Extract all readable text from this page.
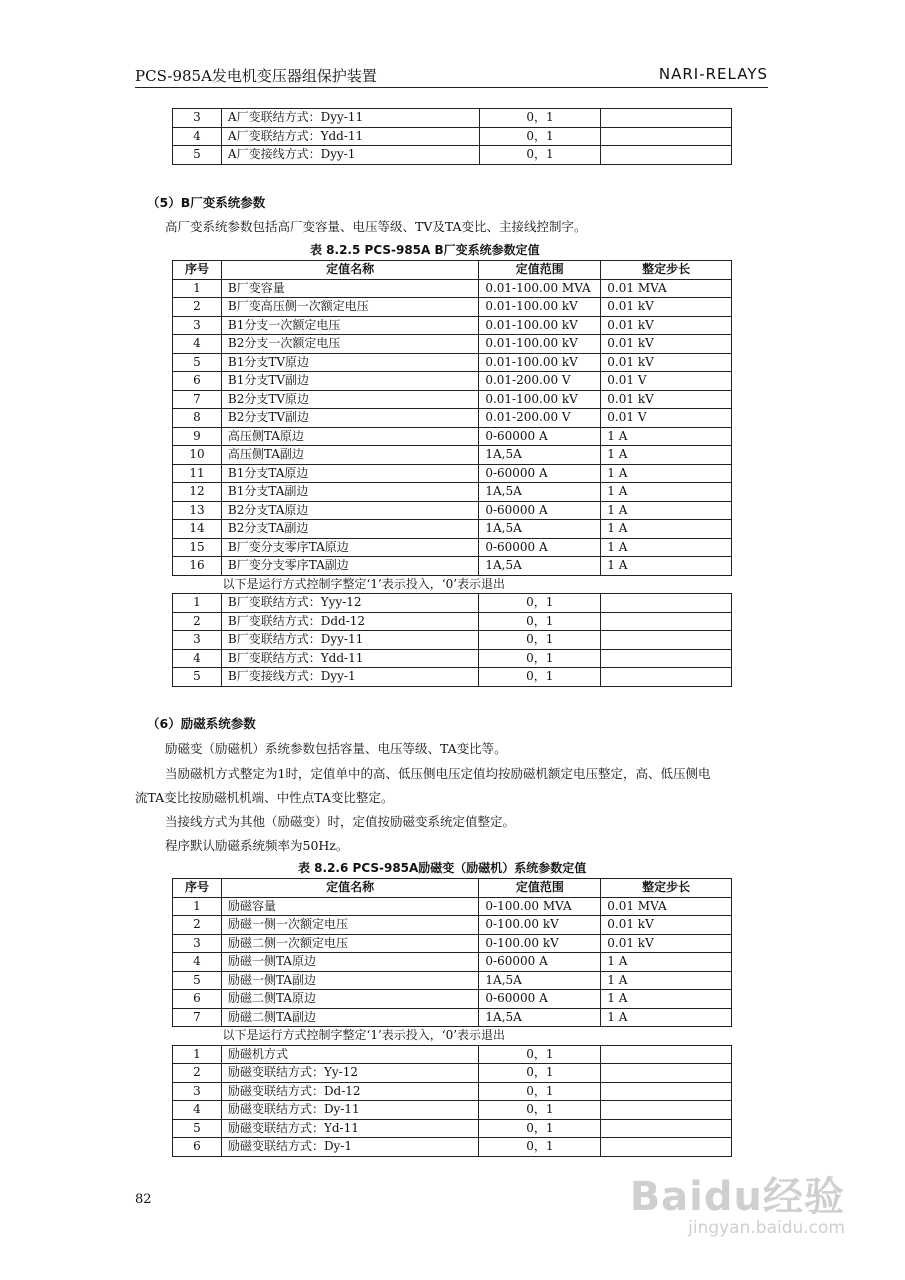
PCS-985A发电机变压器组保护装置	NARI-RELAYS
3	A厂变联结方式：Dyy-11	0，1	
4	A厂变联结方式：Ydd-11	0，1	
5	A厂变接线方式：Dyy-1	0，1	
（5）B厂变系统参数
高厂变系统参数包括高厂变容量、电压等级、TV及TA变比、主接线控制字。
表 8.2.5 PCS-985A B厂变系统参数定值
序号	定值名称	定值范围	整定步长
1	B厂变容量	0.01-100.00 MVA	0.01 MVA
2	B厂变高压侧一次额定电压	0.01-100.00 kV	0.01 kV
3	B1分支一次额定电压	0.01-100.00 kV	0.01 kV
4	B2分支一次额定电压	0.01-100.00 kV	0.01 kV
5	B1分支TV原边	0.01-100.00 kV	0.01 kV
6	B1分支TV副边	0.01-200.00 V	0.01 V
7	B2分支TV原边	0.01-100.00 kV	0.01 kV
8	B2分支TV副边	0.01-200.00 V	0.01 V
9	高压侧TA原边	0-60000 A	1 A
10	高压侧TA副边	1A,5A	1 A
11	B1分支TA原边	0-60000 A	1 A
12	B1分支TA副边	1A,5A	1 A
13	B2分支TA原边	0-60000 A	1 A
14	B2分支TA副边	1A,5A	1 A
15	B厂变分支零序TA原边	0-60000 A	1 A
16	B厂变分支零序TA副边	1A,5A	1 A
以下是运行方式控制字整定‘1’表示投入，‘0’表示退出			
1	B厂变联结方式：Yyy-12	0，1	
2	B厂变联结方式：Ddd-12	0，1	
3	B厂变联结方式：Dyy-11	0，1	
4	B厂变联结方式：Ydd-11	0，1	
5	B厂变接线方式：Dyy-1	0，1	
（6）励磁系统参数
励磁变（励磁机）系统参数包括容量、电压等级、TA变比等。
当励磁机方式整定为1时，定值单中的高、低压侧电压定值均按励磁机额定电压整定，高、低压侧电
流TA变比按励磁机机端、中性点TA变比整定。
当接线方式为其他（励磁变）时，定值按励磁变系统定值整定。
程序默认励磁系统频率为50Hz。
表 8.2.6 PCS-985A励磁变（励磁机）系统参数定值
序号	定值名称	定值范围	整定步长
1	励磁容量	0-100.00 MVA	0.01 MVA
2	励磁一侧一次额定电压	0-100.00 kV	0.01 kV
3	励磁二侧一次额定电压	0-100.00 kV	0.01 kV
4	励磁一侧TA原边	0-60000 A	1 A
5	励磁一侧TA副边	1A,5A	1 A
6	励磁二侧TA原边	0-60000 A	1 A
7	励磁二侧TA副边	1A,5A	1 A
以下是运行方式控制字整定‘1’表示投入，‘0’表示退出			
1	励磁机方式	0，1	
2	励磁变联结方式：Yy-12	0，1	
3	励磁变联结方式：Dd-12	0，1	
4	励磁变联结方式：Dy-11	0，1	
5	励磁变联结方式：Yd-11	0，1	
6	励磁变联结方式：Dy-1	0，1	
82	Baidu经验
jingyan.baidu.com
